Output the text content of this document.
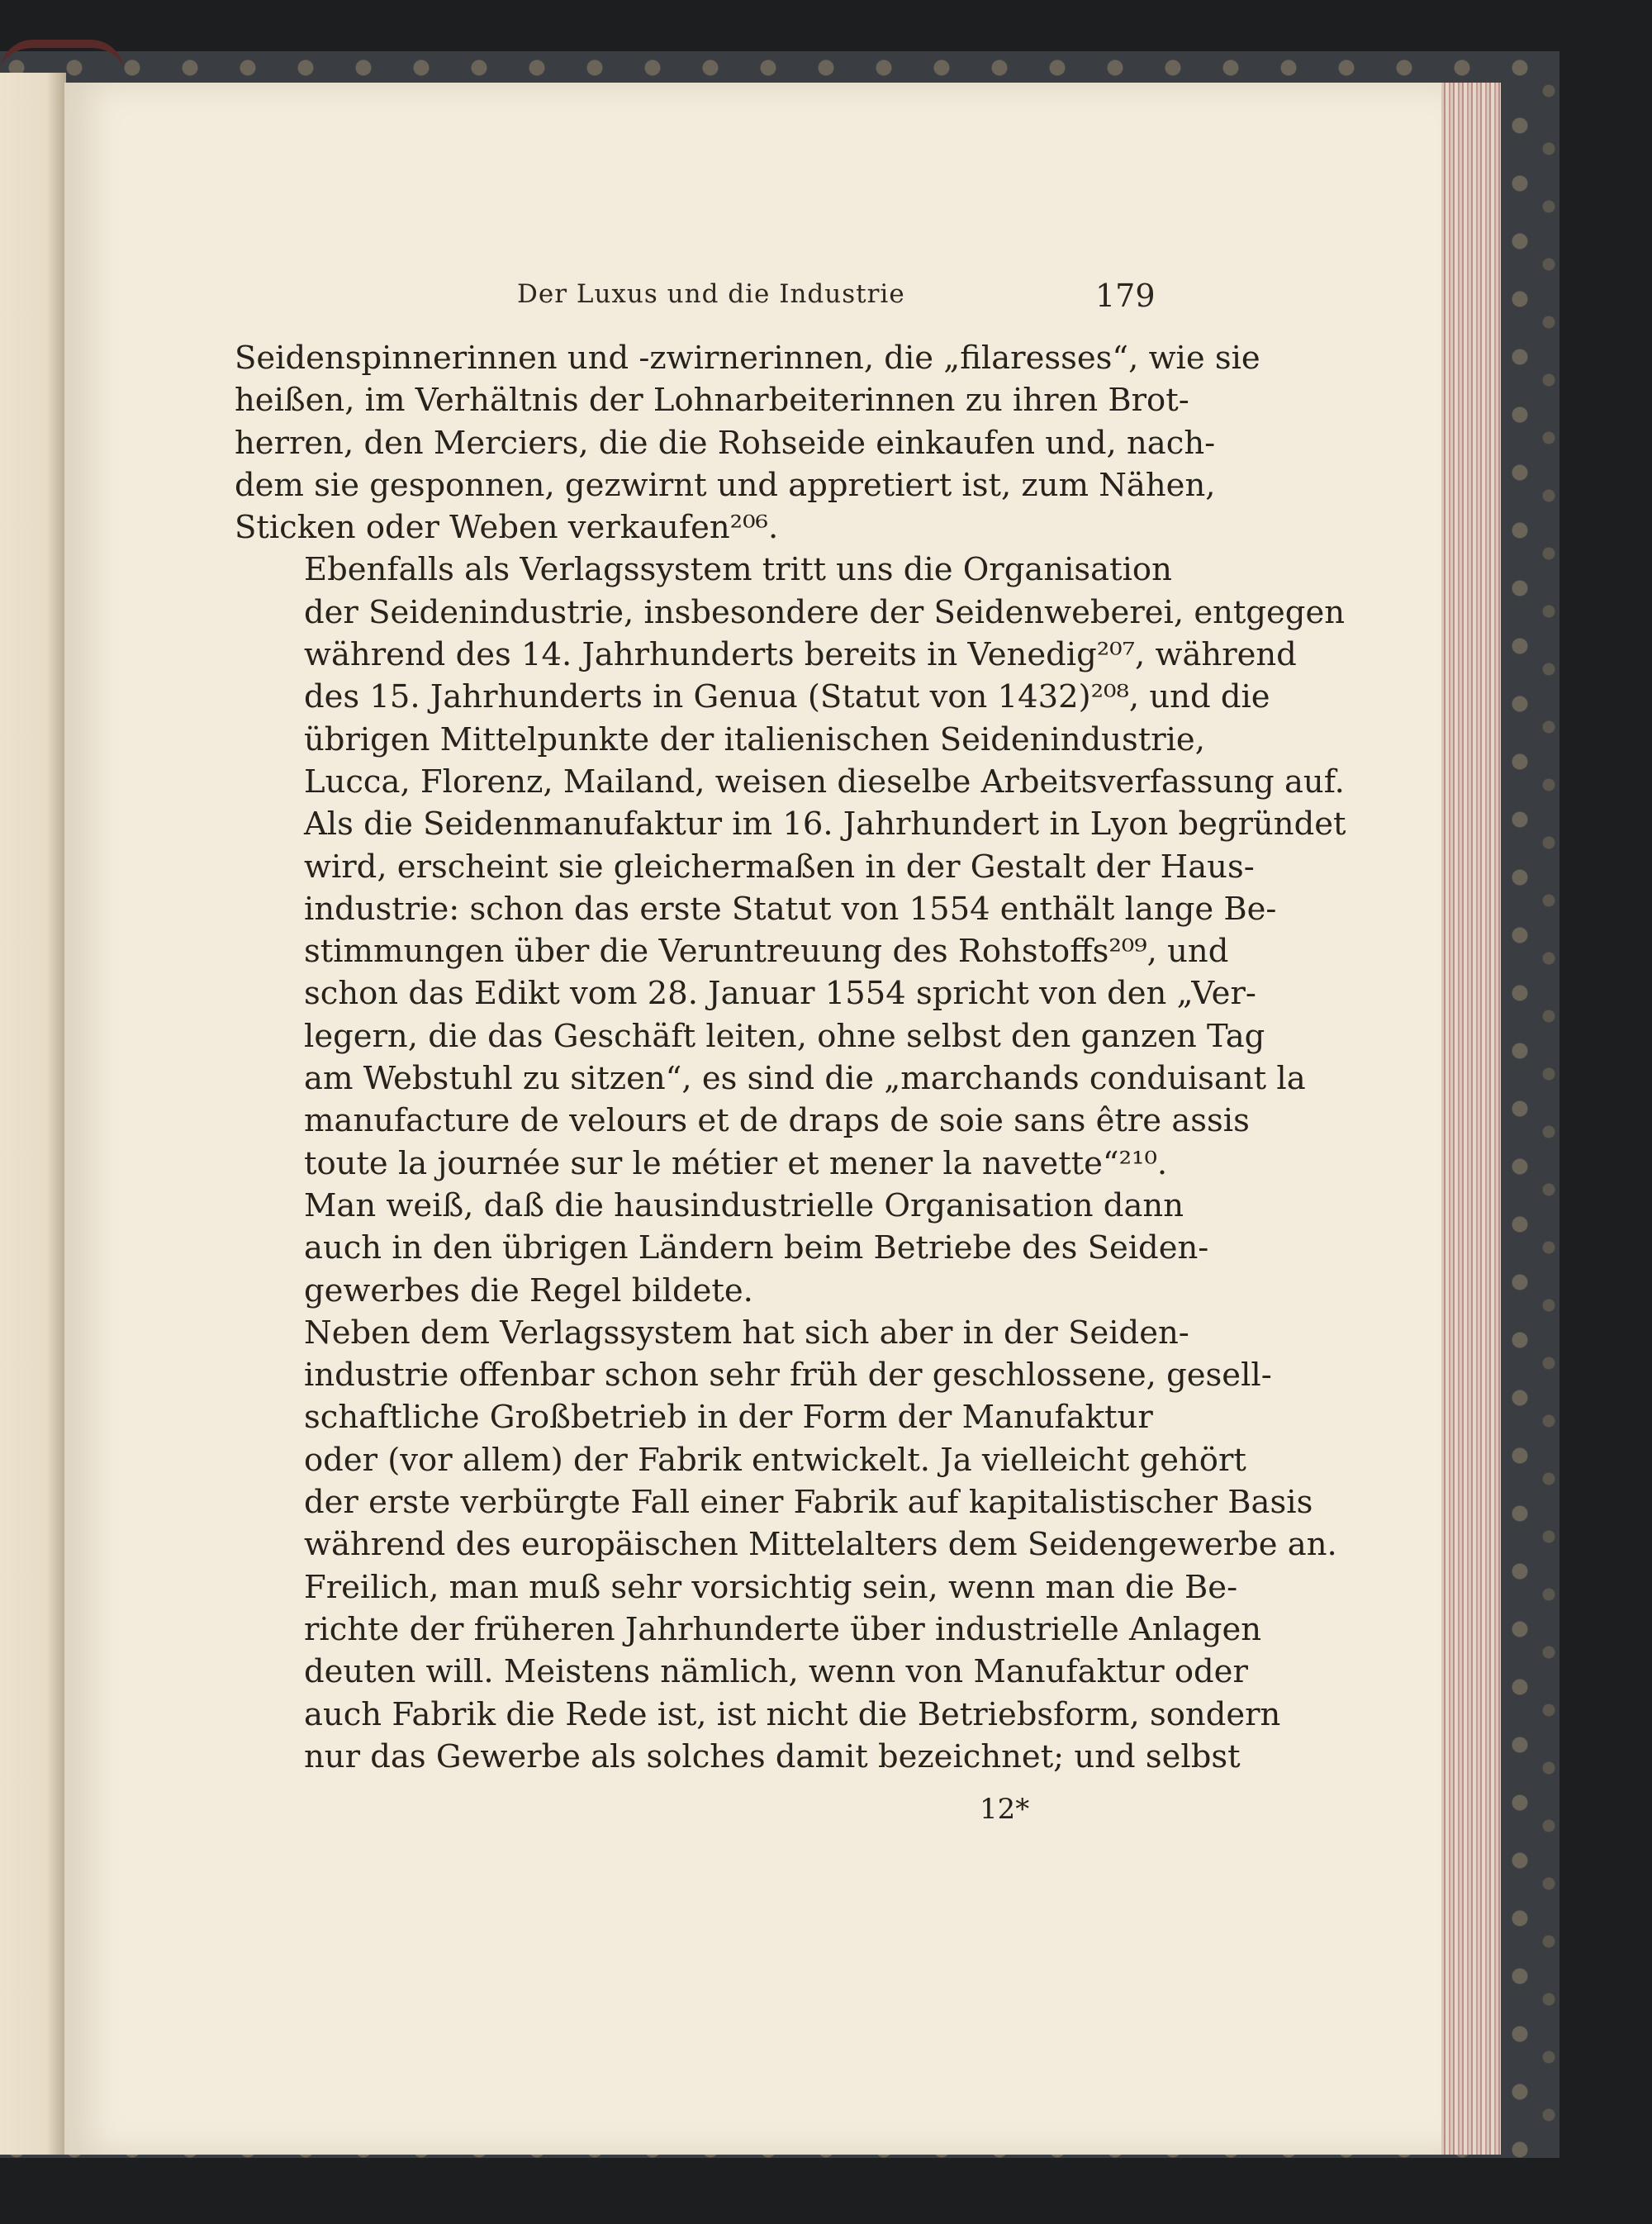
Der Luxus und die Industrie	179

Seidenspinnerinnen und -zwirnerinnen, die „filaresses“, wie sie
heißen, im Verhältnis der Lohnarbeiterinnen zu ihren Brot-
herren, den Merciers, die die Rohseide einkaufen und, nach-
dem sie gesponnen, gezwirnt und appretiert ist, zum Nähen,
Sticken oder Weben verkaufen²⁰⁶.

Ebenfalls als Verlagssystem tritt uns die Organisation
der Seidenindustrie, insbesondere der Seidenweberei, entgegen
während des 14. Jahrhunderts bereits in Venedig²⁰⁷, während
des 15. Jahrhunderts in Genua (Statut von 1432)²⁰⁸, und die
übrigen Mittelpunkte der italienischen Seidenindustrie,
Lucca, Florenz, Mailand, weisen dieselbe Arbeitsverfassung auf.
Als die Seidenmanufaktur im 16. Jahrhundert in Lyon begründet
wird, erscheint sie gleichermaßen in der Gestalt der Haus-
industrie: schon das erste Statut von 1554 enthält lange Be-
stimmungen über die Veruntreuung des Rohstoffs²⁰⁹, und
schon das Edikt vom 28. Januar 1554 spricht von den „Ver-
legern, die das Geschäft leiten, ohne selbst den ganzen Tag
am Webstuhl zu sitzen“, es sind die „marchands conduisant la
manufacture de velours et de draps de soie sans être assis
toute la journée sur le métier et mener la navette“²¹⁰.

Man weiß, daß die hausindustrielle Organisation dann
auch in den übrigen Ländern beim Betriebe des Seiden-
gewerbes die Regel bildete.

Neben dem Verlagssystem hat sich aber in der Seiden-
industrie offenbar schon sehr früh der geschlossene, gesell-
schaftliche Großbetrieb in der Form der Manufaktur
oder (vor allem) der Fabrik entwickelt. Ja vielleicht gehört
der erste verbürgte Fall einer Fabrik auf kapitalistischer Basis
während des europäischen Mittelalters dem Seidengewerbe an.
Freilich, man muß sehr vorsichtig sein, wenn man die Be-
richte der früheren Jahrhunderte über industrielle Anlagen
deuten will. Meistens nämlich, wenn von Manufaktur oder
auch Fabrik die Rede ist, ist nicht die Betriebsform, sondern
nur das Gewerbe als solches damit bezeichnet; und selbst

12*
